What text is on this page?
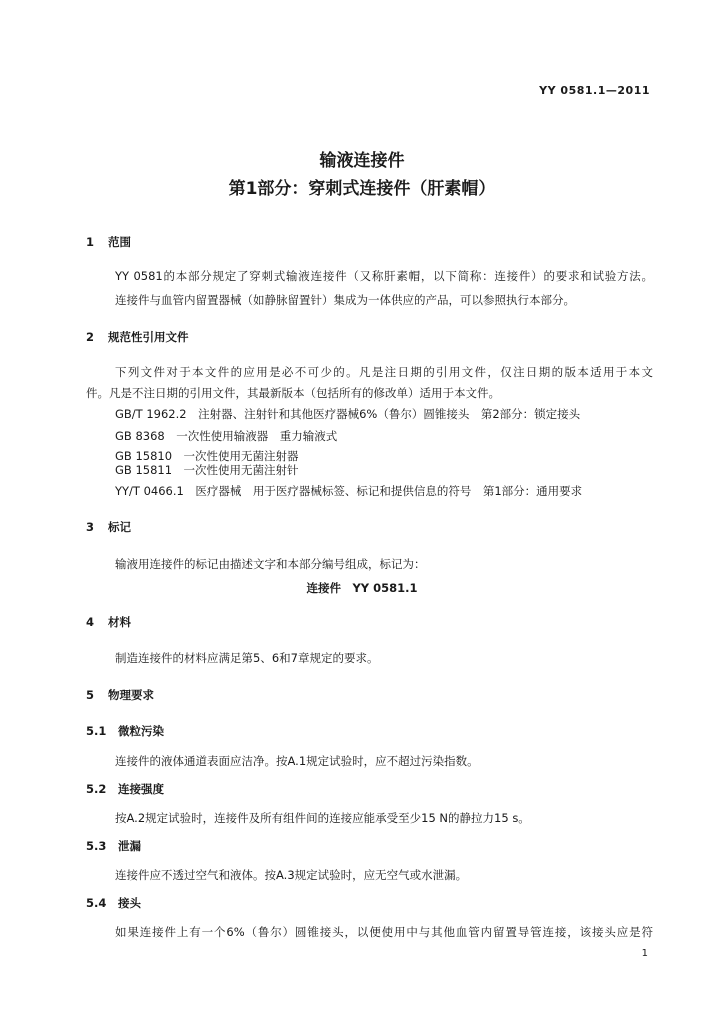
YY 0581.1—2011
输液连接件
第1部分：穿刺式连接件（肝素帽）
1 范围
YY 0581的本部分规定了穿刺式输液连接件（又称肝素帽，以下简称：连接件）的要求和试验方法。
连接件与血管内留置器械（如静脉留置针）集成为一体供应的产品，可以参照执行本部分。
2 规范性引用文件
下列文件对于本文件的应用是必不可少的。凡是注日期的引用文件，仅注日期的版本适用于本文
件。凡是不注日期的引用文件，其最新版本（包括所有的修改单）适用于本文件。
GB/T 1962.2　注射器、注射针和其他医疗器械6%（鲁尔）圆锥接头　第2部分：锁定接头
GB 8368　一次性使用输液器　重力输液式
GB 15810　一次性使用无菌注射器
GB 15811　一次性使用无菌注射针
YY/T 0466.1　医疗器械　用于医疗器械标签、标记和提供信息的符号　第1部分：通用要求
3 标记
输液用连接件的标记由描述文字和本部分编号组成，标记为：
连接件　YY 0581.1
4 材料
制造连接件的材料应满足第5、6和7章规定的要求。
5 物理要求
5.1 微粒污染
连接件的液体通道表面应洁净。按A.1规定试验时，应不超过污染指数。
5.2 连接强度
按A.2规定试验时，连接件及所有组件间的连接应能承受至少15 N的静拉力15 s。
5.3 泄漏
连接件应不透过空气和液体。按A.3规定试验时，应无空气或水泄漏。
5.4 接头
如果连接件上有一个6%（鲁尔）圆锥接头，以便使用中与其他血管内留置导管连接，该接头应是符
1
